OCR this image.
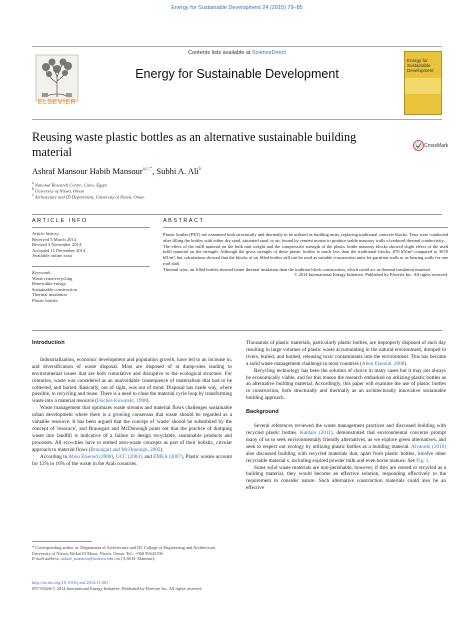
Energy for Sustainable Development 24 (2015) 79–85
Contents lists available at ScienceDirect
ELSEVIER
Energy for Sustainable Development
Energy for Sustainable Development
Reusing waste plastic bottles as an alternative sustainable building material	CrossMark
Ashraf Mansour Habib Mansour$^{a,c,*}$, Subhi A. Ali$^b$
$^a$ National Research Centre, Cairo, Egypt
$^b$ University of Nizwa, Oman
$^c$ Architecture and ID Department, University of Nizwa, Oman
ARTICLE INFO	ABSTRACT
Article history:
Received 5 March 2014
Revised 3 November 2014
Accepted 11 December 2014
Available online xxxx
Keywords:
Waste reuse/recycling
Renewable energy
Sustainable construction
Thermal insulation
Plastic bottles
Plastic bottles (PET) are examined both structurally and thermally to be utilized as building units, replacing traditional concrete blocks. Tests were conducted after filling the bottles with either dry sand, saturated sand, or air, bound by cement mortar to produce stable masonry walls of reduced thermal conductivity.
The effect of the infill material on the bulk unit weight and the compressive strength of the plastic bottle masonry blocks showed slight effect of the used infill material on the strength. Although the gross strength of these plastic bottles is much less than the traditional blocks, 670 kN/m² compared to 3670 kN/m², but calculations showed that the blocks of air filled bottles still can be used as suitable construction units for partition walls or as bearing walls for one roof slab.
Thermal wise, air filled bottles showed better thermal insulation than the tradition block construction, which could act as thermal insulation material.
© 2014 International Energy Initiative. Published by Elsevier Inc. All rights reserved.
Introduction

Industrialization, economic development and population growth, have led to an increase in, and diversification of waste disposal. Most are disposed of at dump-sites leading to environmental issues that are both cumulative and disruptive to the ecological structure. For centuries, waste was considered as an unavoidable consequence of materialism that had to be collected, and buried. Basically, out of sight, was out of mind. Disposal has made way, where possible, to recycling and reuse. There is a need to close the material cycle loop by transforming waste into a material resource (Fischer-Kowalski, 1998).

Waste management that optimizes waste streams and material flows challenges sustainable urban development where there is a growing consensus that waste should be regarded as a valuable resource. It has been argued that the concept of 'waste' should be substituted by the concept of 'resource', and Braungart and McDonough point out that the practice of dumping waste into landfill is indicative of a failure to design recyclable, sustainable products and processes. All eco-cities have to embed zero-waste concepts as part of their holistic, circular approach to material flows (Braungart and McDonough, 2002).

According to Abou Elseoud (2008), GCC (2004), and EMEA (2007), Plastic wastes account for 12% to 16% of the waste in the Arab countries.

Thousands of plastic materials, particularly plastic bottles, are improperly disposed of each day resulting in large volumes of plastic waste accumulating in the natural environment, dumped in rivers, buried, and burned, releasing toxic contaminants into the environment. This has become a solid waste management challenge in most countries (Abou Elseoud, 2008).

Recycling technology has been the solution of choice in many cases but it may not always be economically viable, and for this reason the research embarked on utilizing plastic bottles as an alternative building material. Accordingly, this paper will examine the use of plastic bottles in construction, both structurally and thermally as an architecturally innovative sustainable building approach.

Background

Several references reviewed the waste management practices and discussed building with recycled plastic bottles. Katdare (2011), demonstrated that environmental concerns prompt many of us to seek environmentally friendly alternatives, as we explore green alternatives, and seek to respect our ecology by utilizing plastic bottles as a building material. Alvarado (2010) also discussed building with recycled materials that, apart from plastic bottles, involve other recyclable material s, including expired powder milk and even horse manure. See Fig. 1.

Some solid waste materials are non-perishable, however, if they are reused or recycled as a building material, they would become an effective solution, responding effectively to the requirement to consider nature. Such alternative construction materials could also be an effective

* Corresponding author at: Department of Architecture and ID, College of Engineering and Architecture, University of Nizwa, Birkat El Mouz, Nizwa, Oman. Tel.: +968 99443196.
E-mail address: ashraf_mansour@unizwa.edu.om (A.M.H. Mansour).
http://dx.doi.org/10.1016/j.esd.2014.11.001
0973-0826/© 2014 International Energy Initiative. Published by Elsevier Inc. All rights reserved.
